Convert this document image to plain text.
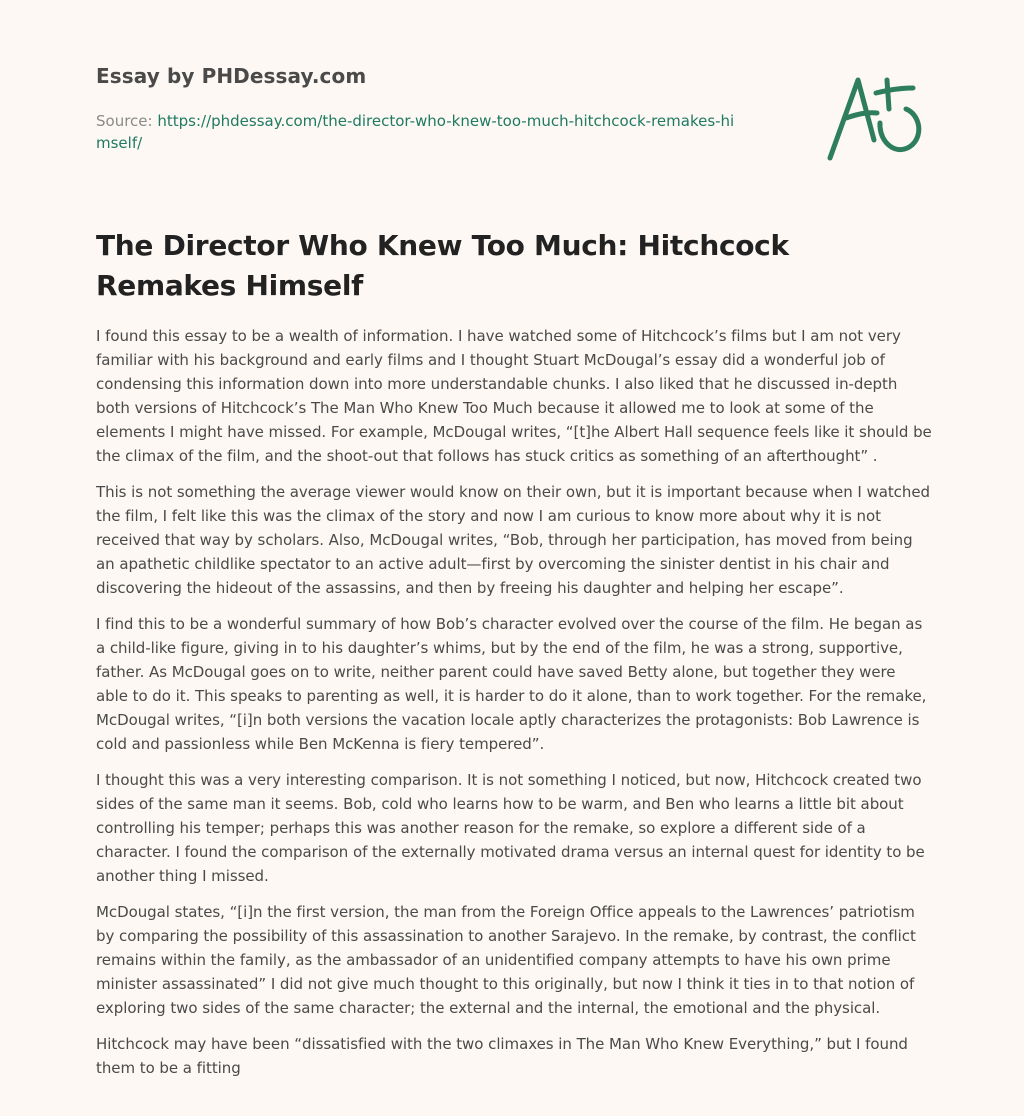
Essay by PHDessay.com
Source: https://phdessay.com/the-director-who-knew-too-much-hitchcock-remakes-himself/
The Director Who Knew Too Much: Hitchcock Remakes Himself

I found this essay to be a wealth of information. I have watched some of Hitchcock’s films but I am not very familiar with his background and early films and I thought Stuart McDougal’s essay did a wonderful job of condensing this information down into more understandable chunks. I also liked that he discussed in-depth both versions of Hitchcock’s The Man Who Knew Too Much because it allowed me to look at some of the elements I might have missed. For example, McDougal writes, “[t]he Albert Hall sequence feels like it should be the climax of the film, and the shoot-out that follows has stuck critics as something of an afterthought” .

This is not something the average viewer would know on their own, but it is important because when I watched the film, I felt like this was the climax of the story and now I am curious to know more about why it is not received that way by scholars. Also, McDougal writes, “Bob, through her participation, has moved from being an apathetic childlike spectator to an active adult—first by overcoming the sinister dentist in his chair and discovering the hideout of the assassins, and then by freeing his daughter and helping her escape”.

I find this to be a wonderful summary of how Bob’s character evolved over the course of the film. He began as a child-like figure, giving in to his daughter’s whims, but by the end of the film, he was a strong, supportive, father. As McDougal goes on to write, neither parent could have saved Betty alone, but together they were able to do it. This speaks to parenting as well, it is harder to do it alone, than to work together. For the remake, McDougal writes, “[i]n both versions the vacation locale aptly characterizes the protagonists: Bob Lawrence is cold and passionless while Ben McKenna is fiery tempered”.

I thought this was a very interesting comparison. It is not something I noticed, but now, Hitchcock created two sides of the same man it seems. Bob, cold who learns how to be warm, and Ben who learns a little bit about controlling his temper; perhaps this was another reason for the remake, so explore a different side of a character. I found the comparison of the externally motivated drama versus an internal quest for identity to be another thing I missed.

McDougal states, “[i]n the first version, the man from the Foreign Office appeals to the Lawrences’ patriotism by comparing the possibility of this assassination to another Sarajevo. In the remake, by contrast, the conflict remains within the family, as the ambassador of an unidentified company attempts to have his own prime minister assassinated” I did not give much thought to this originally, but now I think it ties in to that notion of exploring two sides of the same character; the external and the internal, the emotional and the physical.

Hitchcock may have been “dissatisfied with the two climaxes in The Man Who Knew Everything,” but I found them to be a fitting
